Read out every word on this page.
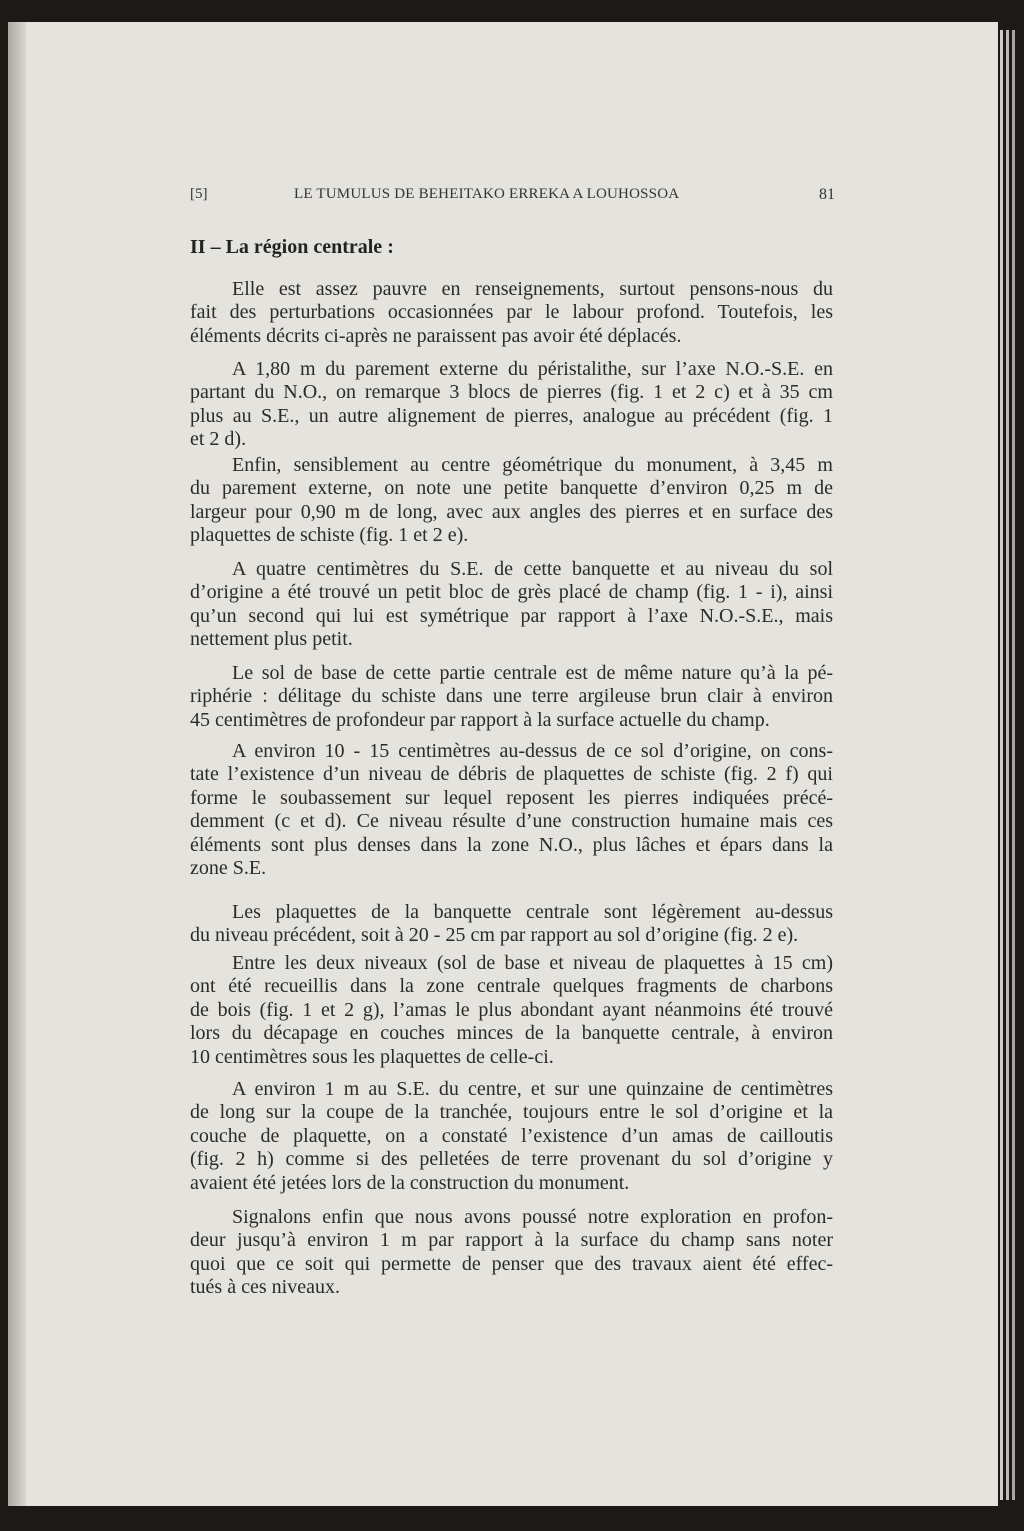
[5]	LE TUMULUS DE BEHEITAKO ERREKA A LOUHOSSOA	81
II – La région centrale :
Elle est assez pauvre en renseignements, surtout pensons-nous du
fait des perturbations occasionnées par le labour profond. Toutefois, les
éléments décrits ci-après ne paraissent pas avoir été déplacés.
A 1,80 m du parement externe du péristalithe, sur l’axe N.O.-S.E. en
partant du N.O., on remarque 3 blocs de pierres (fig. 1 et 2 c) et à 35 cm
plus au S.E., un autre alignement de pierres, analogue au précédent (fig. 1
et 2 d).
Enfin, sensiblement au centre géométrique du monument, à 3,45 m
du parement externe, on note une petite banquette d’environ 0,25 m de
largeur pour 0,90 m de long, avec aux angles des pierres et en surface des
plaquettes de schiste (fig. 1 et 2 e).
A quatre centimètres du S.E. de cette banquette et au niveau du sol
d’origine a été trouvé un petit bloc de grès placé de champ (fig. 1 - i), ainsi
qu’un second qui lui est symétrique par rapport à l’axe N.O.-S.E., mais
nettement plus petit.
Le sol de base de cette partie centrale est de même nature qu’à la pé-
riphérie : délitage du schiste dans une terre argileuse brun clair à environ
45 centimètres de profondeur par rapport à la surface actuelle du champ.
A environ 10 - 15 centimètres au-dessus de ce sol d’origine, on cons-
tate l’existence d’un niveau de débris de plaquettes de schiste (fig. 2 f) qui
forme le soubassement sur lequel reposent les pierres indiquées précé-
demment (c et d). Ce niveau résulte d’une construction humaine mais ces
éléments sont plus denses dans la zone N.O., plus lâches et épars dans la
zone S.E.
Les plaquettes de la banquette centrale sont légèrement au-dessus
du niveau précédent, soit à 20 - 25 cm par rapport au sol d’origine (fig. 2 e).
Entre les deux niveaux (sol de base et niveau de plaquettes à 15 cm)
ont été recueillis dans la zone centrale quelques fragments de charbons
de bois (fig. 1 et 2 g), l’amas le plus abondant ayant néanmoins été trouvé
lors du décapage en couches minces de la banquette centrale, à environ
10 centimètres sous les plaquettes de celle-ci.
A environ 1 m au S.E. du centre, et sur une quinzaine de centimètres
de long sur la coupe de la tranchée, toujours entre le sol d’origine et la
couche de plaquette, on a constaté l’existence d’un amas de cailloutis
(fig. 2 h) comme si des pelletées de terre provenant du sol d’origine y
avaient été jetées lors de la construction du monument.
Signalons enfin que nous avons poussé notre exploration en profon-
deur jusqu’à environ 1 m par rapport à la surface du champ sans noter
quoi que ce soit qui permette de penser que des travaux aient été effec-
tués à ces niveaux.
